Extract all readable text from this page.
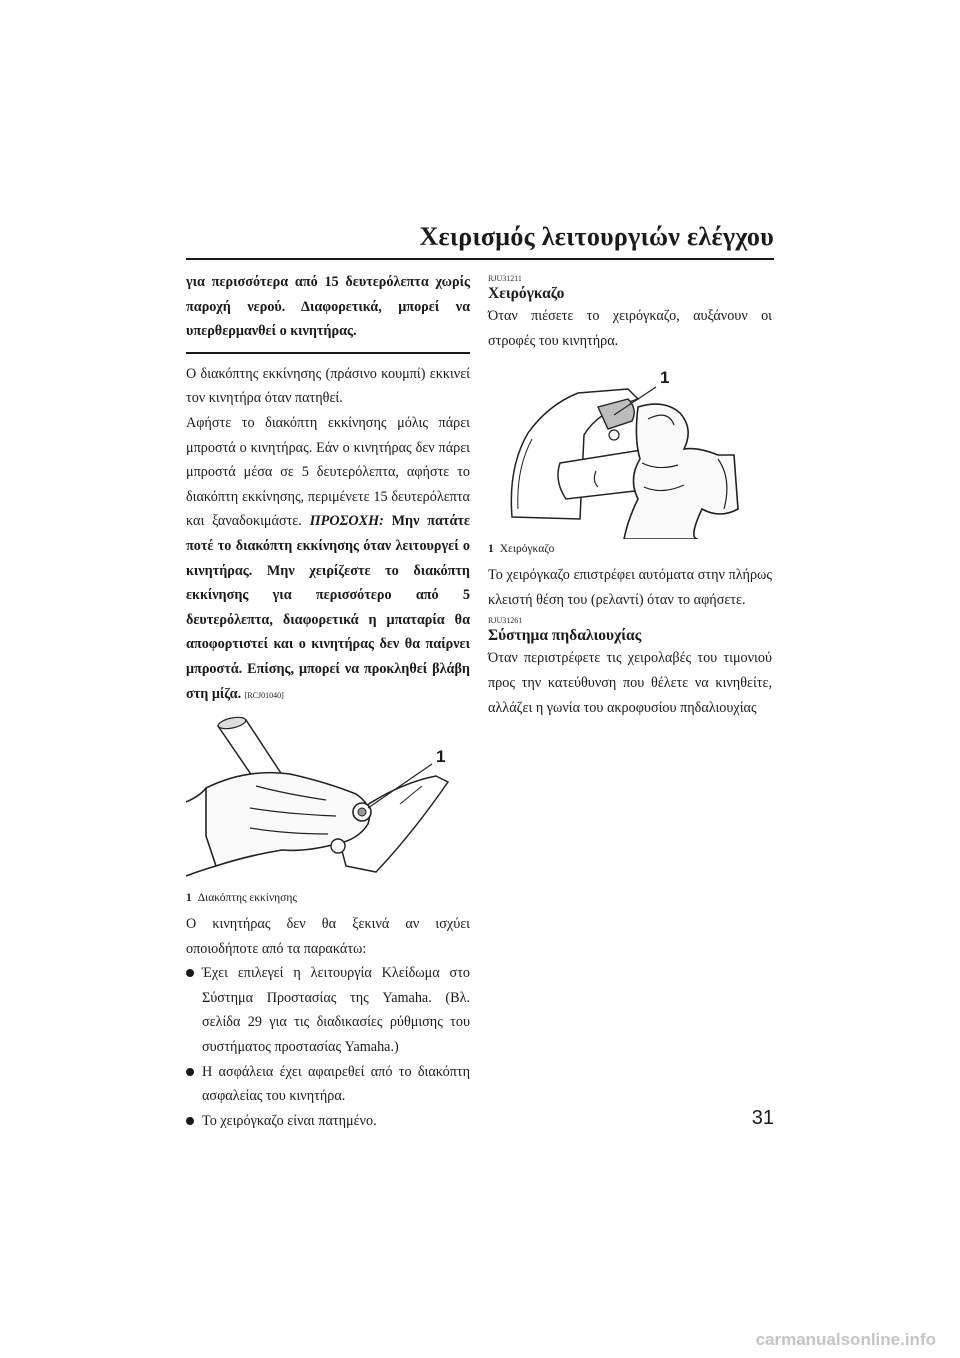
Χειρισμός λειτουργιών ελέγχου

για περισσότερα από 15 δευτερόλεπτα χωρίς παροχή νερού. Διαφορετικά, μπορεί να υπερθερμανθεί ο κινητήρας.

Ο διακόπτης εκκίνησης (πράσινο κουμπί) εκκινεί τον κινητήρα όταν πατηθεί.

Αφήστε το διακόπτη εκκίνησης μόλις πάρει μπροστά ο κινητήρας. Εάν ο κινητήρας δεν πάρει μπροστά μέσα σε 5 δευτερόλεπτα, αφήστε το διακόπτη εκκίνησης, περιμένετε 15 δευτερόλεπτα και ξαναδοκιμάστε. ΠΡΟΣΟΧΗ: Μην πατάτε ποτέ το διακόπτη εκκίνησης όταν λειτουργεί ο κινητήρας. Μην χειρίζεστε το διακόπτη εκκίνησης για περισσότερο από 5 δευτερόλεπτα, διαφορετικά η μπαταρία θα αποφορτιστεί και ο κινητήρας δεν θα παίρνει μπροστά. Επίσης, μπορεί να προκληθεί βλάβη στη μίζα. [RCJ01040]

1
1 Διακόπτης εκκίνησης

Ο κινητήρας δεν θα ξεκινά αν ισχύει οποιοδήποτε από τα παρακάτω:

Έχει επιλεγεί η λειτουργία Κλείδωμα στο Σύστημα Προστασίας της Yamaha. (Βλ. σελίδα 29 για τις διαδικασίες ρύθμισης του συστήματος προστασίας Yamaha.)
Η ασφάλεια έχει αφαιρεθεί από το διακόπτη ασφαλείας του κινητήρα.
Το χειρόγκαζο είναι πατημένο.
RJU31211
Χειρόγκαζο

Όταν πιέσετε το χειρόγκαζο, αυξάνουν οι στροφές του κινητήρα.

1
1 Χειρόγκαζο

Το χειρόγκαζο επιστρέφει αυτόματα στην πλήρως κλειστή θέση του (ρελαντί) όταν το αφήσετε.

RJU31261
Σύστημα πηδαλιουχίας

Όταν περιστρέφετε τις χειρολαβές του τιμονιού προς την κατεύθυνση που θέλετε να κινηθείτε, αλλάζει η γωνία του ακροφυσίου πηδαλιουχίας

31
carmanualsonline.info
